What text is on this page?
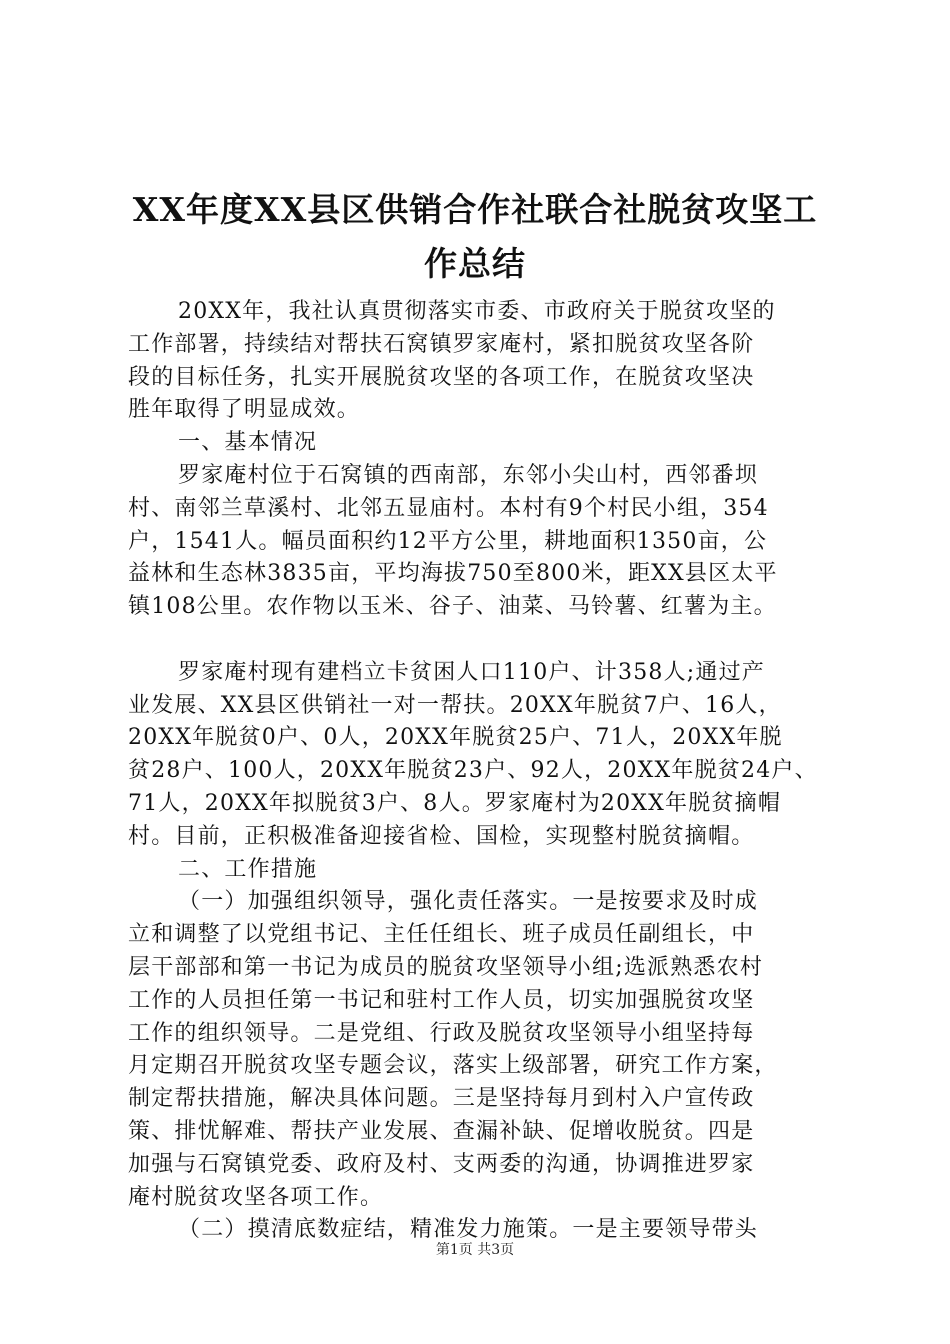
XX年度XX县区供销合作社联合社脱贫攻坚工
作总结
20XX年，我社认真贯彻落实市委、市政府关于脱贫攻坚的
工作部署，持续结对帮扶石窝镇罗家庵村，紧扣脱贫攻坚各阶
段的目标任务，扎实开展脱贫攻坚的各项工作，在脱贫攻坚决
胜年取得了明显成效。
一、基本情况
罗家庵村位于石窝镇的西南部，东邻小尖山村，西邻番坝
村、南邻兰草溪村、北邻五显庙村。本村有9个村民小组，354
户，1541人。幅员面积约12平方公里，耕地面积1350亩，公
益林和生态林3835亩，平均海拔750至800米，距XX县区太平
镇108公里。农作物以玉米、谷子、油菜、马铃薯、红薯为主。
罗家庵村现有建档立卡贫困人口110户、计358人;通过产
业发展、XX县区供销社一对一帮扶。20XX年脱贫7户、16人，
20XX年脱贫0户、0人，20XX年脱贫25户、71人，20XX年脱
贫28户、100人，20XX年脱贫23户、92人，20XX年脱贫24户、
71人，20XX年拟脱贫3户、8人。罗家庵村为20XX年脱贫摘帽
村。目前，正积极准备迎接省检、国检，实现整村脱贫摘帽。
二、工作措施
（一）加强组织领导，强化责任落实。一是按要求及时成
立和调整了以党组书记、主任任组长、班子成员任副组长，中
层干部部和第一书记为成员的脱贫攻坚领导小组;选派熟悉农村
工作的人员担任第一书记和驻村工作人员，切实加强脱贫攻坚
工作的组织领导。二是党组、行政及脱贫攻坚领导小组坚持每
月定期召开脱贫攻坚专题会议，落实上级部署，研究工作方案，
制定帮扶措施，解决具体问题。三是坚持每月到村入户宣传政
策、排忧解难、帮扶产业发展、查漏补缺、促增收脱贫。四是
加强与石窝镇党委、政府及村、支两委的沟通，协调推进罗家
庵村脱贫攻坚各项工作。
（二）摸清底数症结，精准发力施策。一是主要领导带头
第1页 共3页
